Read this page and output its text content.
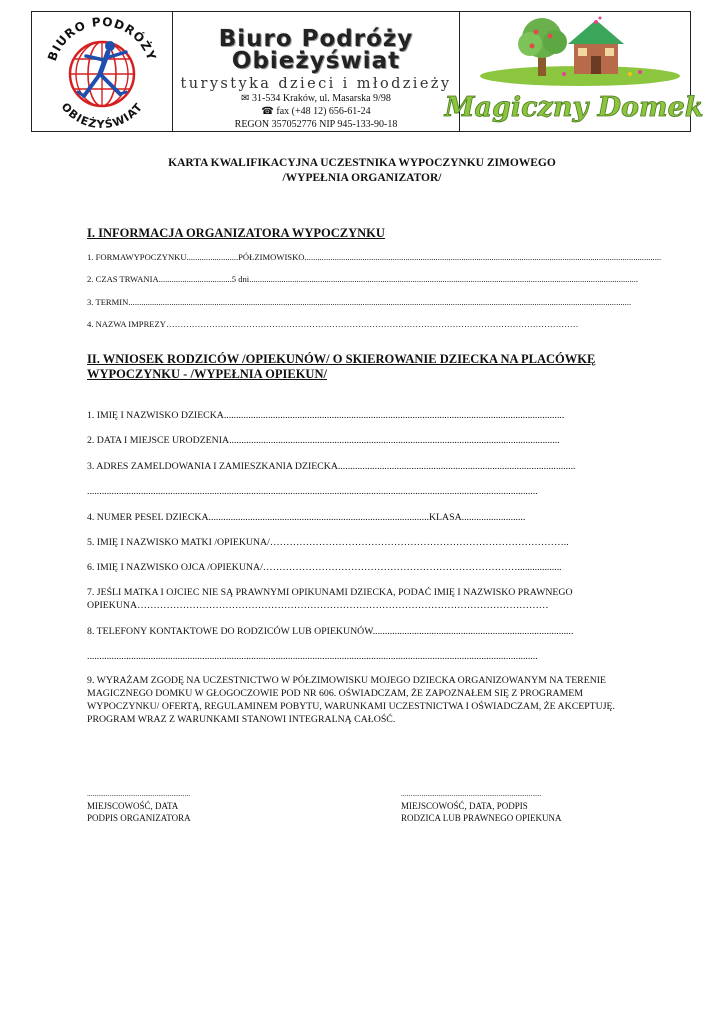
BIURO PODRÓŻY
OBIEŻYŚWIAT
Biuro Podróży
Obieżyświat
turystyka dzieci i młodzieży
✉ 31-534 Kraków, ul. Masarska 9/98
☎ fax (+48 12) 656-61-24
REGON 357052776 NIP 945-133-90-18
Magiczny Domek
KARTA KWALIFIKACYJNA UCZESTNIKA WYPOCZYNKU ZIMOWEGO
/WYPEŁNIA ORGANIZATOR/
I. INFORMACJA ORGANIZATORA WYPOCZYNKU
1. FORMAWYPOCZYNKU........................PÓŁZIMOWISKO......................................................................................................................................................................
2. CZAS TRWANIA..................................5 dni.....................................................................................................................................................................................
3. TERMIN..........................................................................................................................................................................................................................................
4. NAZWA IMPREZY………………………………………………………………………………………………………………………………
II. WNIOSEK RODZICÓW /OPIEKUNÓW/ O SKIEROWANIE DZIECKA NA PLACÓWKĘ
WYPOCZYNKU - /WYPEŁNIA OPIEKUN/
1. IMIĘ I NAZWISKO DZIECKA...........................................................................................................................................
2. DATA I MIEJSCE URODZENIA.......................................................................................................................................
3. ADRES ZAMELDOWANIA I ZAMIESZKANIA DZIECKA.................................................................................................
........................................................................................................................................................................................
4. NUMER PESEL DZIECKA..........................................................................................KLASA..........................
5. IMIĘ I NAZWISKO MATKI /OPIEKUNA/………………………………………………………………………………..
6. IMIĘ I NAZWISKO OJCA /OPIEKUNA/……………………………………………………………………..................
7. JEŚLI MATKA I OJCIEC NIE SĄ PRAWNYMI OPIKUNAMI DZIECKA, PODAĆ IMIĘ I NAZWISKO PRAWNEGO
OPIEKUNA………………………………………………………………………………………………………………
8. TELEFONY KONTAKTOWE DO RODZICÓW LUB OPIEKUNÓW..................................................................................
........................................................................................................................................................................................
9. WYRAŻAM ZGODĘ NA UCZESTNICTWO W PÓŁZIMOWISKU MOJEGO DZIECKA ORGANIZOWANYM NA TERENIE MAGICZNEGO DOMKU W GŁOGOCZOWIE POD NR 606. OŚWIADCZAM, ŻE ZAPOZNAŁEM SIĘ Z PROGRAMEM WYPOCZYNKU/ OFERTĄ, REGULAMINEM POBYTU, WARUNKAMI UCZESTNICTWA I OŚWIADCZAM, ŻE AKCEPTUJĘ. PROGRAM WRAZ Z WARUNKAMI STANOWI INTEGRALNĄ CAŁOŚĆ.
.......................................................
MIEJSCOWOŚĆ, DATA
PODPIS ORGANIZATORA
...........................................................................
MIEJSCOWOŚĆ, DATA, PODPIS
RODZICA LUB PRAWNEGO OPIEKUNA
